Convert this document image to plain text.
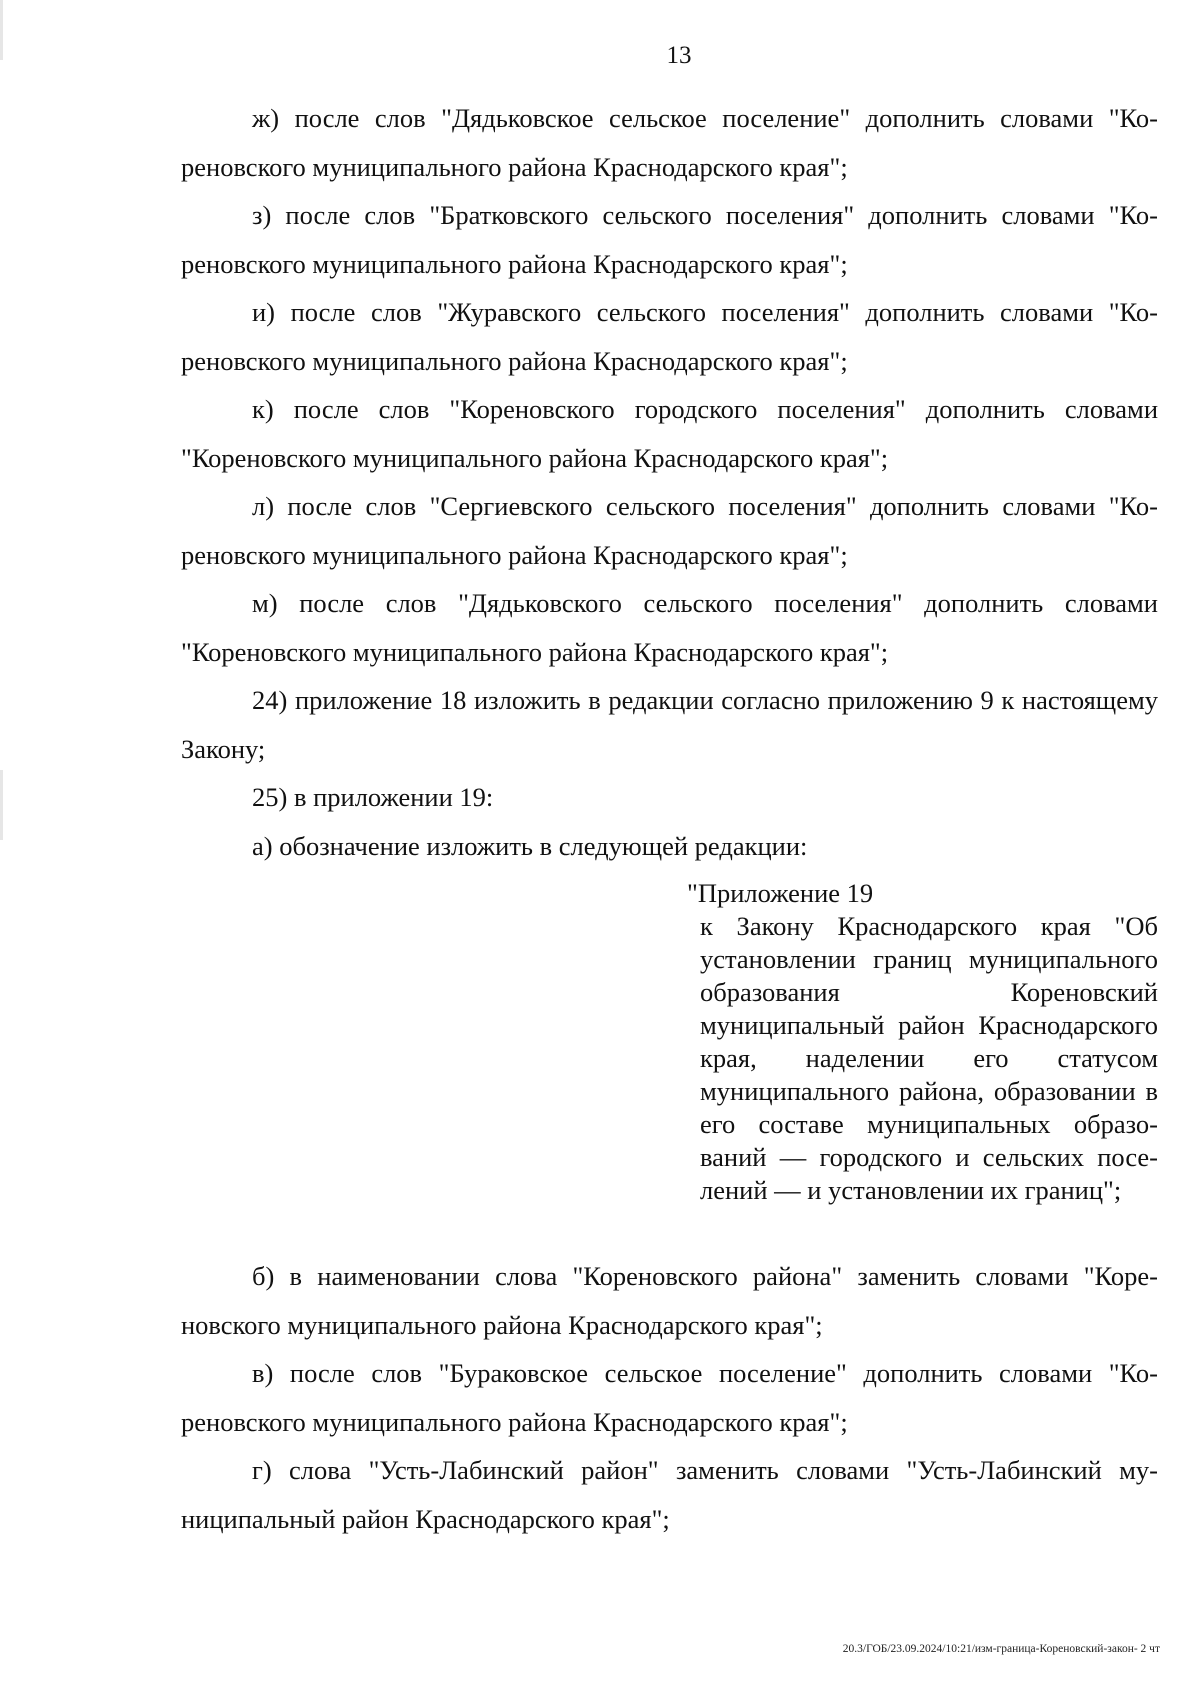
13

ж) после слов "Дядьковское сельское поселение" дополнить словами "Кореновского муниципального района Краснодарского края";

з) после слов "Братковского сельского поселения" дополнить словами "Кореновского муниципального района Краснодарского края";

и) после слов "Журавского сельского поселения" дополнить словами "Кореновского муниципального района Краснодарского края";

к) после слов "Кореновского городского поселения" дополнить словами "Кореновского муниципального района Краснодарского края";

л) после слов "Сергиевского сельского поселения" дополнить словами "Кореновского муниципального района Краснодарского края";

м) после слов "Дядьковского сельского поселения" дополнить словами "Кореновского муниципального района Краснодарского края";

24) приложение 18 изложить в редакции согласно приложению 9 к настоящему Закону;

25) в приложении 19:

а) обозначение изложить в следующей редакции:

"Приложение 19

к Закону Краснодарского края "Об установлении границ муниципального образования Кореновский муниципальный район Краснодарского края, наделении его статусом муниципального района, образовании в его составе муниципальных образований — городского и сельских поселений — и установлении их границ";

б) в наименовании слова "Кореновского района" заменить словами "Кореновского муниципального района Краснодарского края";

в) после слов "Бураковское сельское поселение" дополнить словами "Кореновского муниципального района Краснодарского края";

г) слова "Усть-Лабинский район" заменить словами "Усть-Лабинский муниципальный район Краснодарского края";

20.3/ГОБ/23.09.2024/10:21/изм-граница-Кореновский-закон- 2 чт
